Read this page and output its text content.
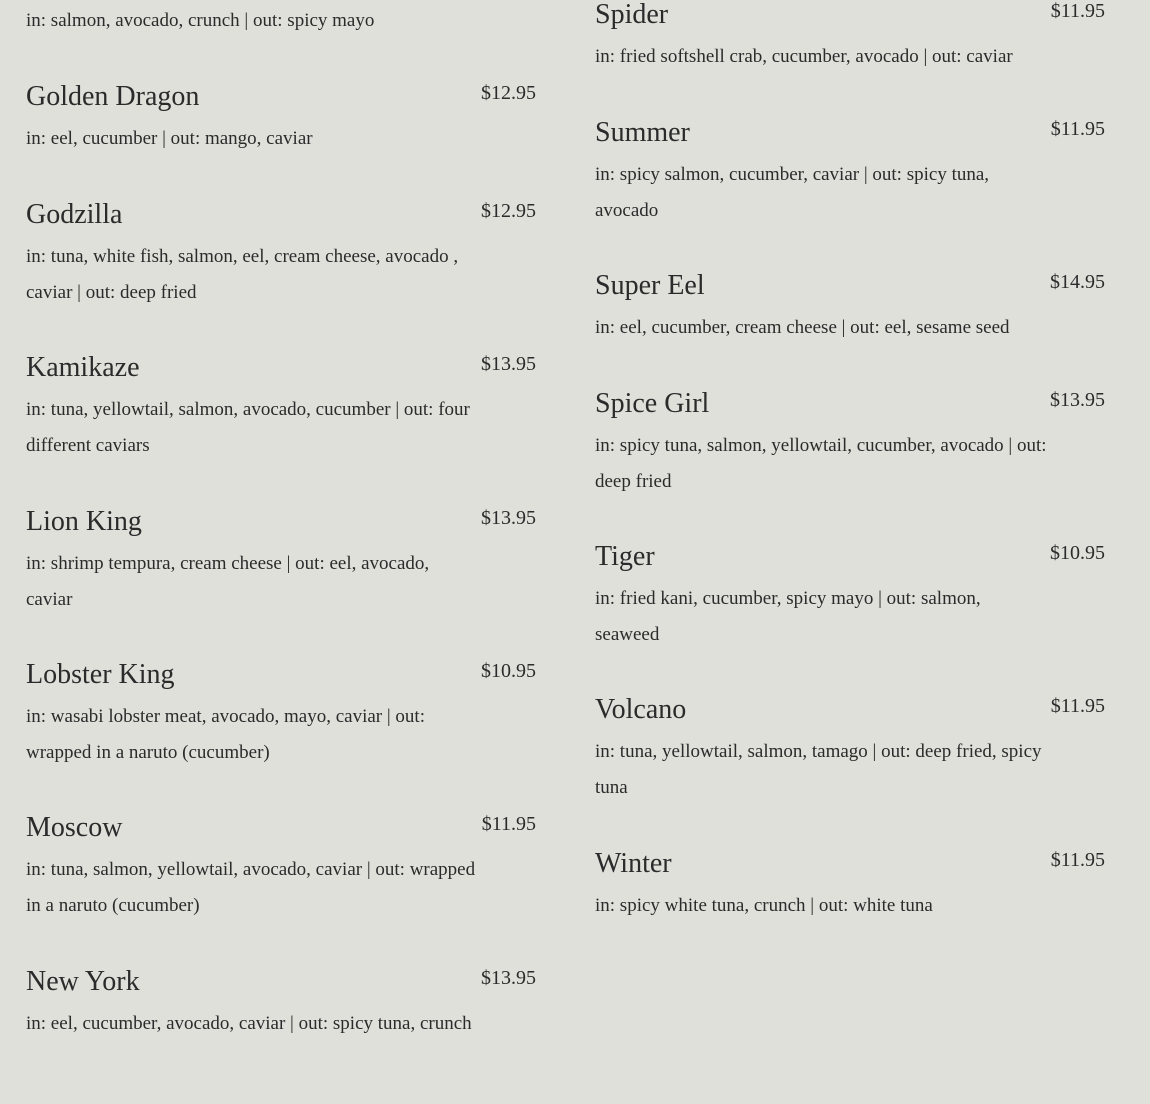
in: salmon, avocado, crunch | out: spicy mayo
Golden Dragon	$12.95
in: eel, cucumber | out: mango, caviar
Godzilla	$12.95
in: tuna, white fish, salmon, eel, cream cheese, avocado , caviar | out: deep fried
Kamikaze	$13.95
in: tuna, yellowtail, salmon, avocado, cucumber | out: four different caviars
Lion King	$13.95
in: shrimp tempura, cream cheese | out: eel, avocado, caviar
Lobster King	$10.95
in: wasabi lobster meat, avocado, mayo, caviar | out: wrapped in a naruto (cucumber)
Moscow	$11.95
in: tuna, salmon, yellowtail, avocado, caviar | out: wrapped in a naruto (cucumber)
New York	$13.95
in: eel, cucumber, avocado, caviar | out: spicy tuna, crunch
Spider	$11.95
in: fried softshell crab, cucumber, avocado | out: caviar
Summer	$11.95
in: spicy salmon, cucumber, caviar | out: spicy tuna, avocado
Super Eel	$14.95
in: eel, cucumber, cream cheese | out: eel, sesame seed
Spice Girl	$13.95
in: spicy tuna, salmon, yellowtail, cucumber, avocado | out: deep fried
Tiger	$10.95
in: fried kani, cucumber, spicy mayo | out: salmon, seaweed
Volcano	$11.95
in: tuna, yellowtail, salmon, tamago | out: deep fried, spicy tuna
Winter	$11.95
in: spicy white tuna, crunch | out: white tuna
